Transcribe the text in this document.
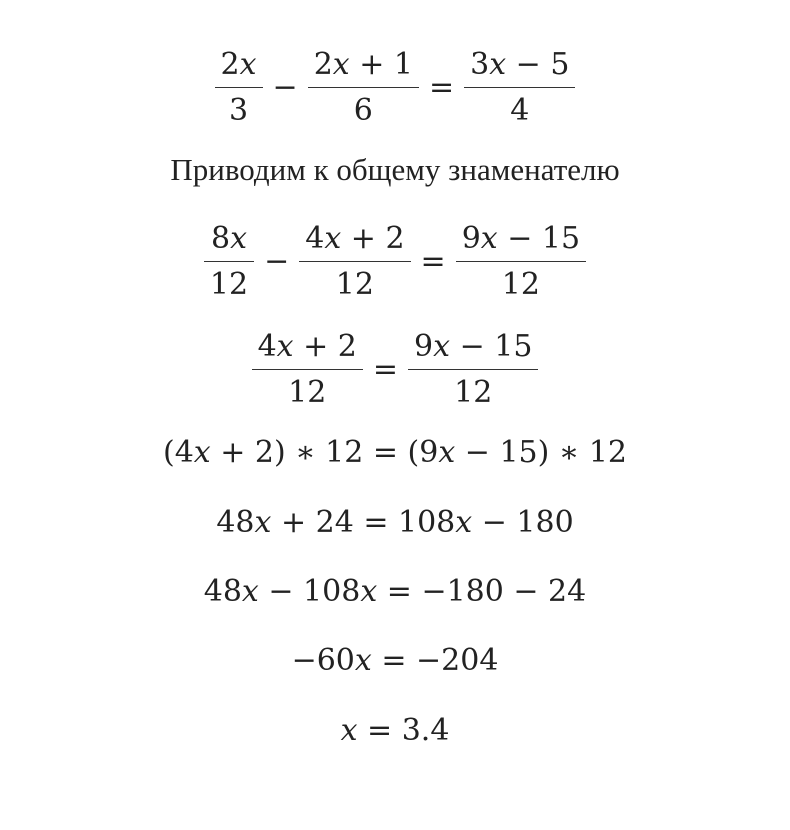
$\frac{\text{2𝑥}}{3} - \frac{\text{2𝑥 + 1}}{6} = \frac{\text{3𝑥 − 5}}{4}$
Приводим к общему знаменателю
$\frac{\text{8𝑥}}{12} - \frac{\text{4𝑥 + 2}}{12} = \frac{\text{9𝑥 − 15}}{12}$
$\frac{\text{4𝑥 + 2}}{12} = \frac{\text{9𝑥 − 15}}{12}$
(4𝑥 + 2) ∗ 12 = (9𝑥 − 15) ∗ 12
48𝑥 + 24 = 108𝑥 − 180
48𝑥 − 108𝑥 = −180 − 24
−60𝑥 = −204
𝑥 = 3.4
